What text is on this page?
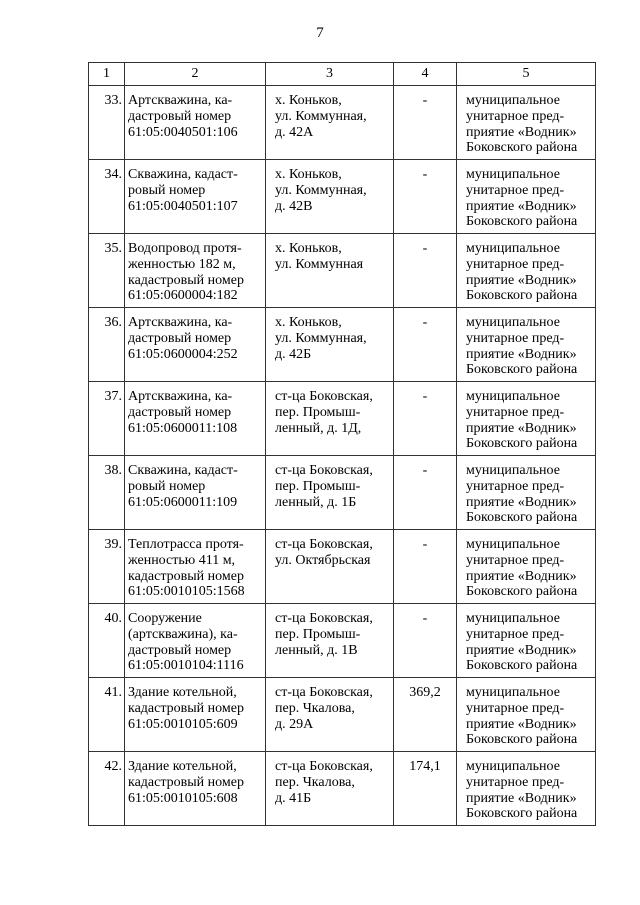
7
1	2	3	4	5
33.	Артскважина, ка-
дастровый номер
61:05:0040501:106	х. Коньков,
ул. Коммунная,
д. 42А	-	муниципальное
унитарное пред-
приятие «Водник»
Боковского района
34.	Скважина, кадаст-
ровый номер
61:05:0040501:107	х. Коньков,
ул. Коммунная,
д. 42В	-	муниципальное
унитарное пред-
приятие «Водник»
Боковского района
35.	Водопровод протя-
женностью 182 м,
кадастровый номер
61:05:0600004:182	х. Коньков,
ул. Коммунная	-	муниципальное
унитарное пред-
приятие «Водник»
Боковского района
36.	Артскважина, ка-
дастровый номер
61:05:0600004:252	х. Коньков,
ул. Коммунная,
д. 42Б	-	муниципальное
унитарное пред-
приятие «Водник»
Боковского района
37.	Артскважина, ка-
дастровый номер
61:05:0600011:108	ст-ца Боковская,
пер. Промыш-
ленный, д. 1Д,	-	муниципальное
унитарное пред-
приятие «Водник»
Боковского района
38.	Скважина, кадаст-
ровый номер
61:05:0600011:109	ст-ца Боковская,
пер. Промыш-
ленный, д. 1Б	-	муниципальное
унитарное пред-
приятие «Водник»
Боковского района
39.	Теплотрасса протя-
женностью 411 м,
кадастровый номер
61:05:0010105:1568	ст-ца Боковская,
ул. Октябрьская	-	муниципальное
унитарное пред-
приятие «Водник»
Боковского района
40.	Сооружение
(артскважина), ка-
дастровый номер
61:05:0010104:1116	ст-ца Боковская,
пер. Промыш-
ленный, д. 1В	-	муниципальное
унитарное пред-
приятие «Водник»
Боковского района
41.	Здание котельной,
кадастровый номер
61:05:0010105:609	ст-ца Боковская,
пер. Чкалова,
д. 29А	369,2	муниципальное
унитарное пред-
приятие «Водник»
Боковского района
42.	Здание котельной,
кадастровый номер
61:05:0010105:608	ст-ца Боковская,
пер. Чкалова,
д. 41Б	174,1	муниципальное
унитарное пред-
приятие «Водник»
Боковского района
